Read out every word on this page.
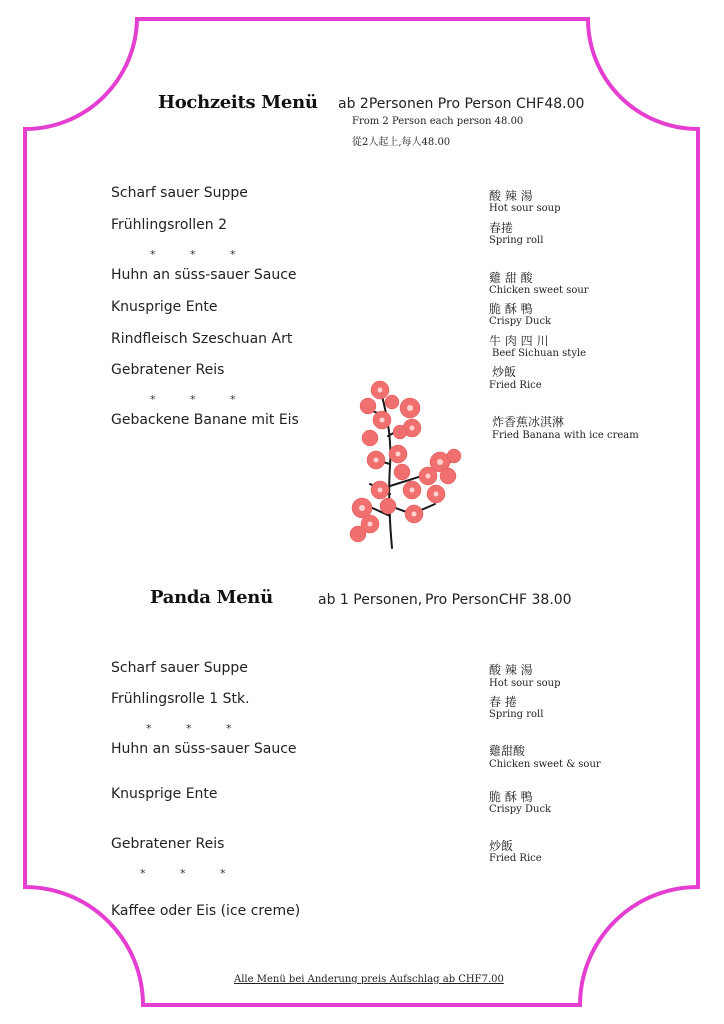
Hochzeits Menü ab 2Personen Pro Person CHF48.00
From 2 Person each person 48.00
從2人起上,每人48.00
Scharf sauer Suppe
Frühlingsrollen 2
*	*	*
Huhn an süss-sauer Sauce
Knusprige Ente
Rindfleisch Szeschuan Art
Gebratener Reis
*	*	*
Gebackene Banane mit Eis
酸 辣 湯
Hot sour soup
春捲
Spring roll
雞 甜 酸
Chicken sweet sour
脆 酥 鴨
Crispy Duck
牛 肉 四 川
Beef Sichuan style
炒飯
Fried Rice
炸香蕉冰淇淋
Fried Banana with ice cream
Panda Menü	ab 1 Personen, Pro PersonCHF 38.00
Scharf sauer Suppe
Frühlingsrolle 1 Stk.
*	*	*
Huhn an süss-sauer Sauce
Knusprige Ente
Gebratener Reis
*	*	*
Kaffee oder Eis (ice creme)
酸 辣 湯
Hot sour soup
春 捲
Spring roll
雞甜酸
Chicken sweet & sour
脆 酥 鴨
Crispy Duck
炒飯
Fried Rice
Alle Menü bei Anderung preis Aufschlag ab CHF7.00
